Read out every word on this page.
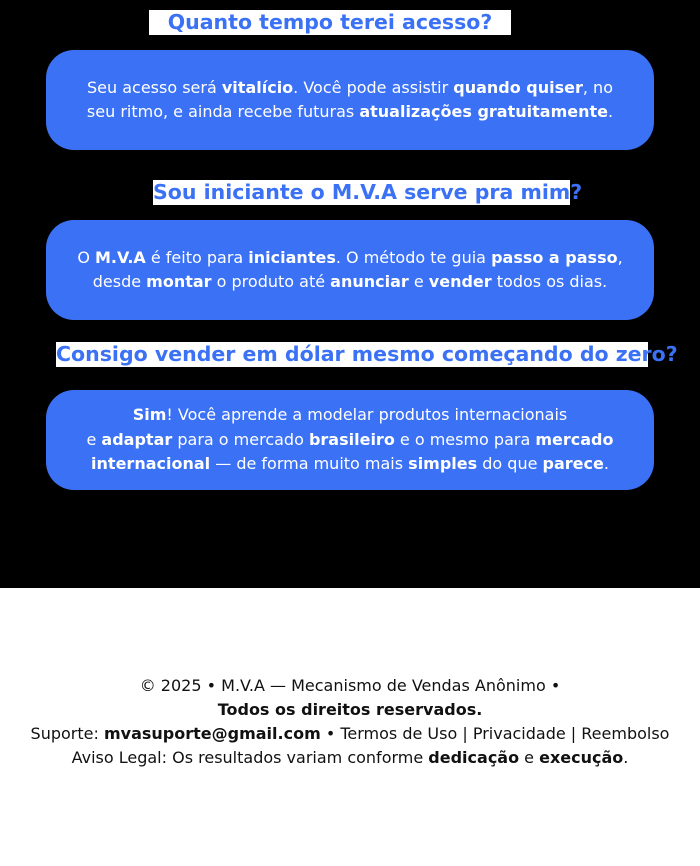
Quanto tempo terei acesso?
Seu acesso será vitalício. Você pode assistir quando quiser, no
seu ritmo, e ainda recebe futuras atualizações gratuitamente.
Sou iniciante o M.V.A serve pra mim?
O M.V.A é feito para iniciantes. O método te guia passo a passo,
desde montar o produto até anunciar e vender todos os dias.
Consigo vender em dólar mesmo começando do zero?
Sim! Você aprende a modelar produtos internacionais
e adaptar para o mercado brasileiro e o mesmo para mercado
internacional — de forma muito mais simples do que parece.
© 2025 • M.V.A — Mecanismo de Vendas Anônimo •
Todos os direitos reservados.
Suporte: mvasuporte@gmail.com • Termos de Uso | Privacidade | Reembolso
Aviso Legal: Os resultados variam conforme dedicação e execução.
